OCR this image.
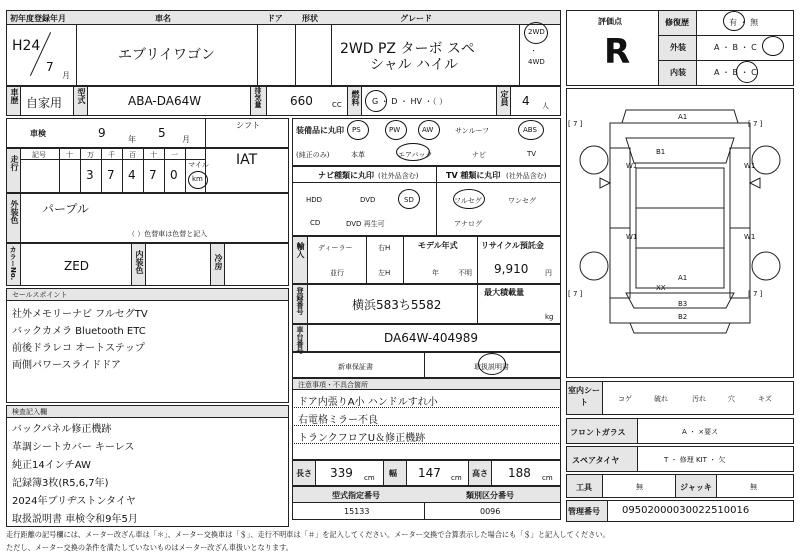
初年度登録年月	車名	ドア 形状	グレード
H24
7
月
エブリイワゴン	2WD PZ ターボ スペ
シャル ハイル
2WD
・
4WD
車歴 自家用 型式	ABA-DA64W	排気量 660	CC 燃料 G ・ D ・ HV ・（ ）	定員 4 人
車検	9	年 5 月
シフト
IAT
走行 記号	十 万 千 百 十 一
3 7 4 7 0
マイル
km
外装色 パープル
（ ）色替車は色替と記入
カラーNo.	ZED	内装色	冷房
セールスポイント
社外メモリーナビ フルセグTV
バックカメラ Bluetooth ETC
前後ドラレコ オートステップ
両側パワースライドドア
検査記入欄
バックパネル修正機跡
革調シートカバー キーレス
純正14インチAW
記録簿3枚(R5,6,7年)
2024年ブリヂストンタイヤ
取扱説明書 車検令和9年5月
装備品に丸印
(純正のみ)
PS	PW	AW	サンルーフ	ABS
本革	エアバック	ナビ	TV
ナビ種類に丸印 (社外品含む)	TV 種類に丸印 (社外品含む)
HDD	DVD	SD
CD	DVD 再生可
フルセグ	ワンセグ
アナログ
輸入 ディーラー
並行
右H
左H
モデル年式
年	不明
リサイクル預託金
9,910 円
登録番号	横浜583ち5582
最大積載量
kg
車台番号	DA64W-404989
新車保証書	取扱説明書
注意事項・不具合箇所
ドア内張りA小 ハンドルすれ小
右電格ミラー不良
トランクフロアU＆修正機跡
長さ 339 cm 幅 147 cm 高さ 188 cm
型式指定番号	類別区分番号
15133	0096
走行距離の記号欄には、メーター改ざん車は「＊」、メーター交換車は「＄」、走行不明車は「＃」を記入してください。メーター交換で合算表示した場合にも「＄」と記入してください。
ただし、メーター交換の条件を満たしていないものはメーター改ざん車扱いとなります。
評価点
R
修復歴	有 ・ 無
外装	A ・ B ・ C
内装	A ・ B ・ C
[ 7 ]	[ 7 ]
[ 7 ]	[ 7 ]
A1
B1
W1	W1
W1	W1
A1
XX
B3
B2
室内シート	コゲ	破れ	汚れ	穴	キズ
フロントガラス	A ・ ×要ス
スペアタイヤ	T ・ 修理 KIT ・ 欠
工具	無	ジャッキ	無
管理番号 09502000030022510016
